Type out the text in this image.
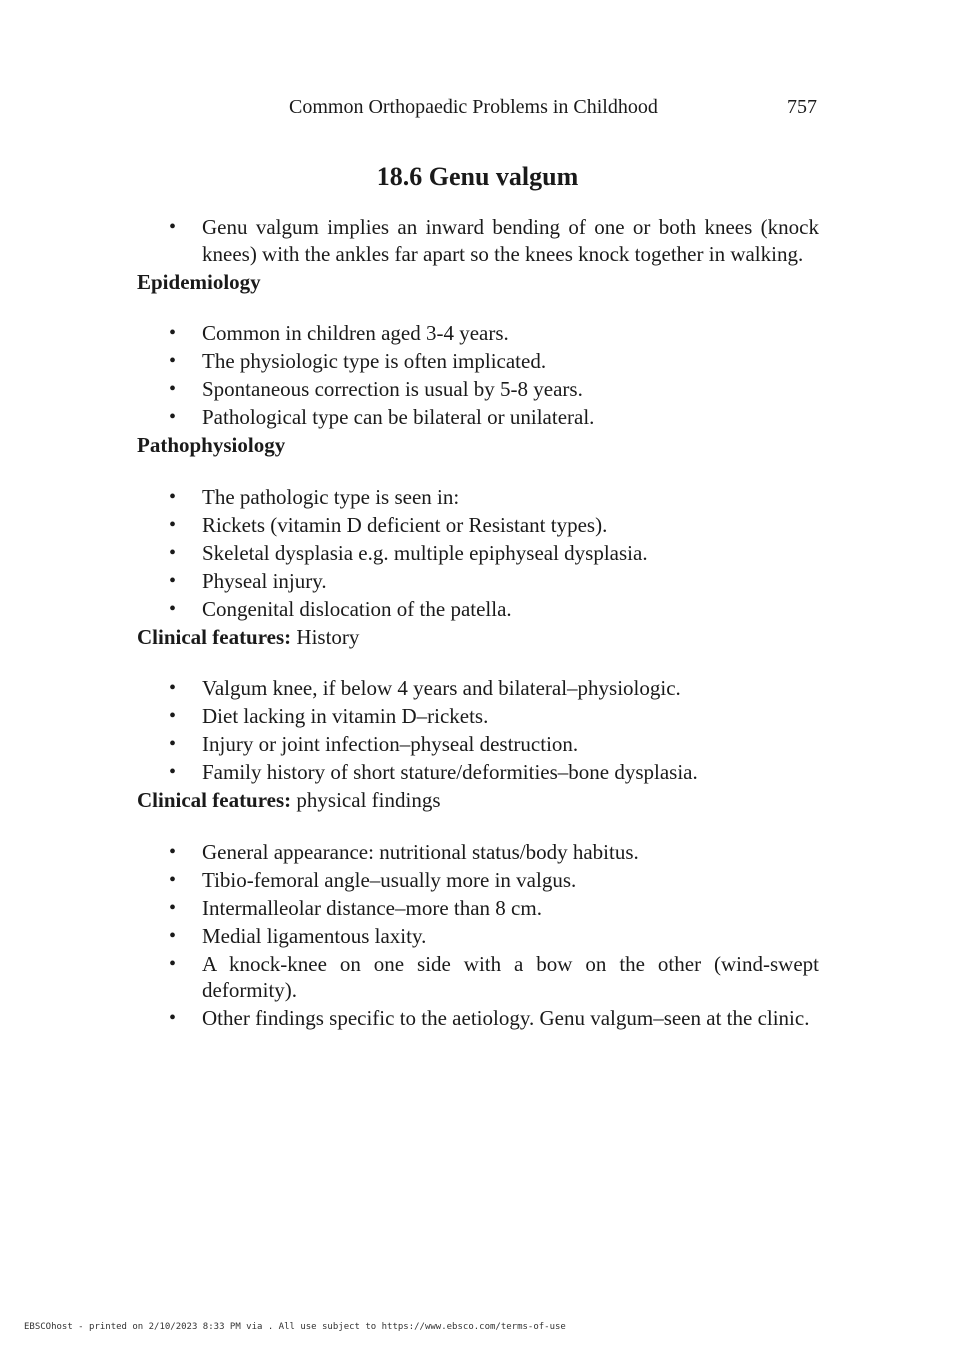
Common Orthopaedic Problems in Childhood	757
18.6 Genu valgum
• Genu valgum implies an inward bending of one or both knees (knock knees) with the ankles far apart so the knees knock together in walking.
Epidemiology
• Common in children aged 3-4 years.
• The physiologic type is often implicated.
• Spontaneous correction is usual by 5-8 years.
• Pathological type can be bilateral or unilateral.
Pathophysiology
• The pathologic type is seen in:
• Rickets (vitamin D deficient or Resistant types).
• Skeletal dysplasia e.g. multiple epiphyseal dysplasia.
• Physeal injury.
• Congenital dislocation of the patella.
Clinical features: History
• Valgum knee, if below 4 years and bilateral–physiologic.
• Diet lacking in vitamin D–rickets.
• Injury or joint infection–physeal destruction.
• Family history of short stature/deformities–bone dysplasia.
Clinical features: physical findings
• General appearance: nutritional status/body habitus.
• Tibio-femoral angle–usually more in valgus.
• Intermalleolar distance–more than 8 cm.
• Medial ligamentous laxity.
• A knock-knee on one side with a bow on the other (wind-swept deformity).
• Other findings specific to the aetiology. Genu valgum–seen at the clinic.
EBSCOhost - printed on 2/10/2023 8:33 PM via . All use subject to https://www.ebsco.com/terms-of-use
